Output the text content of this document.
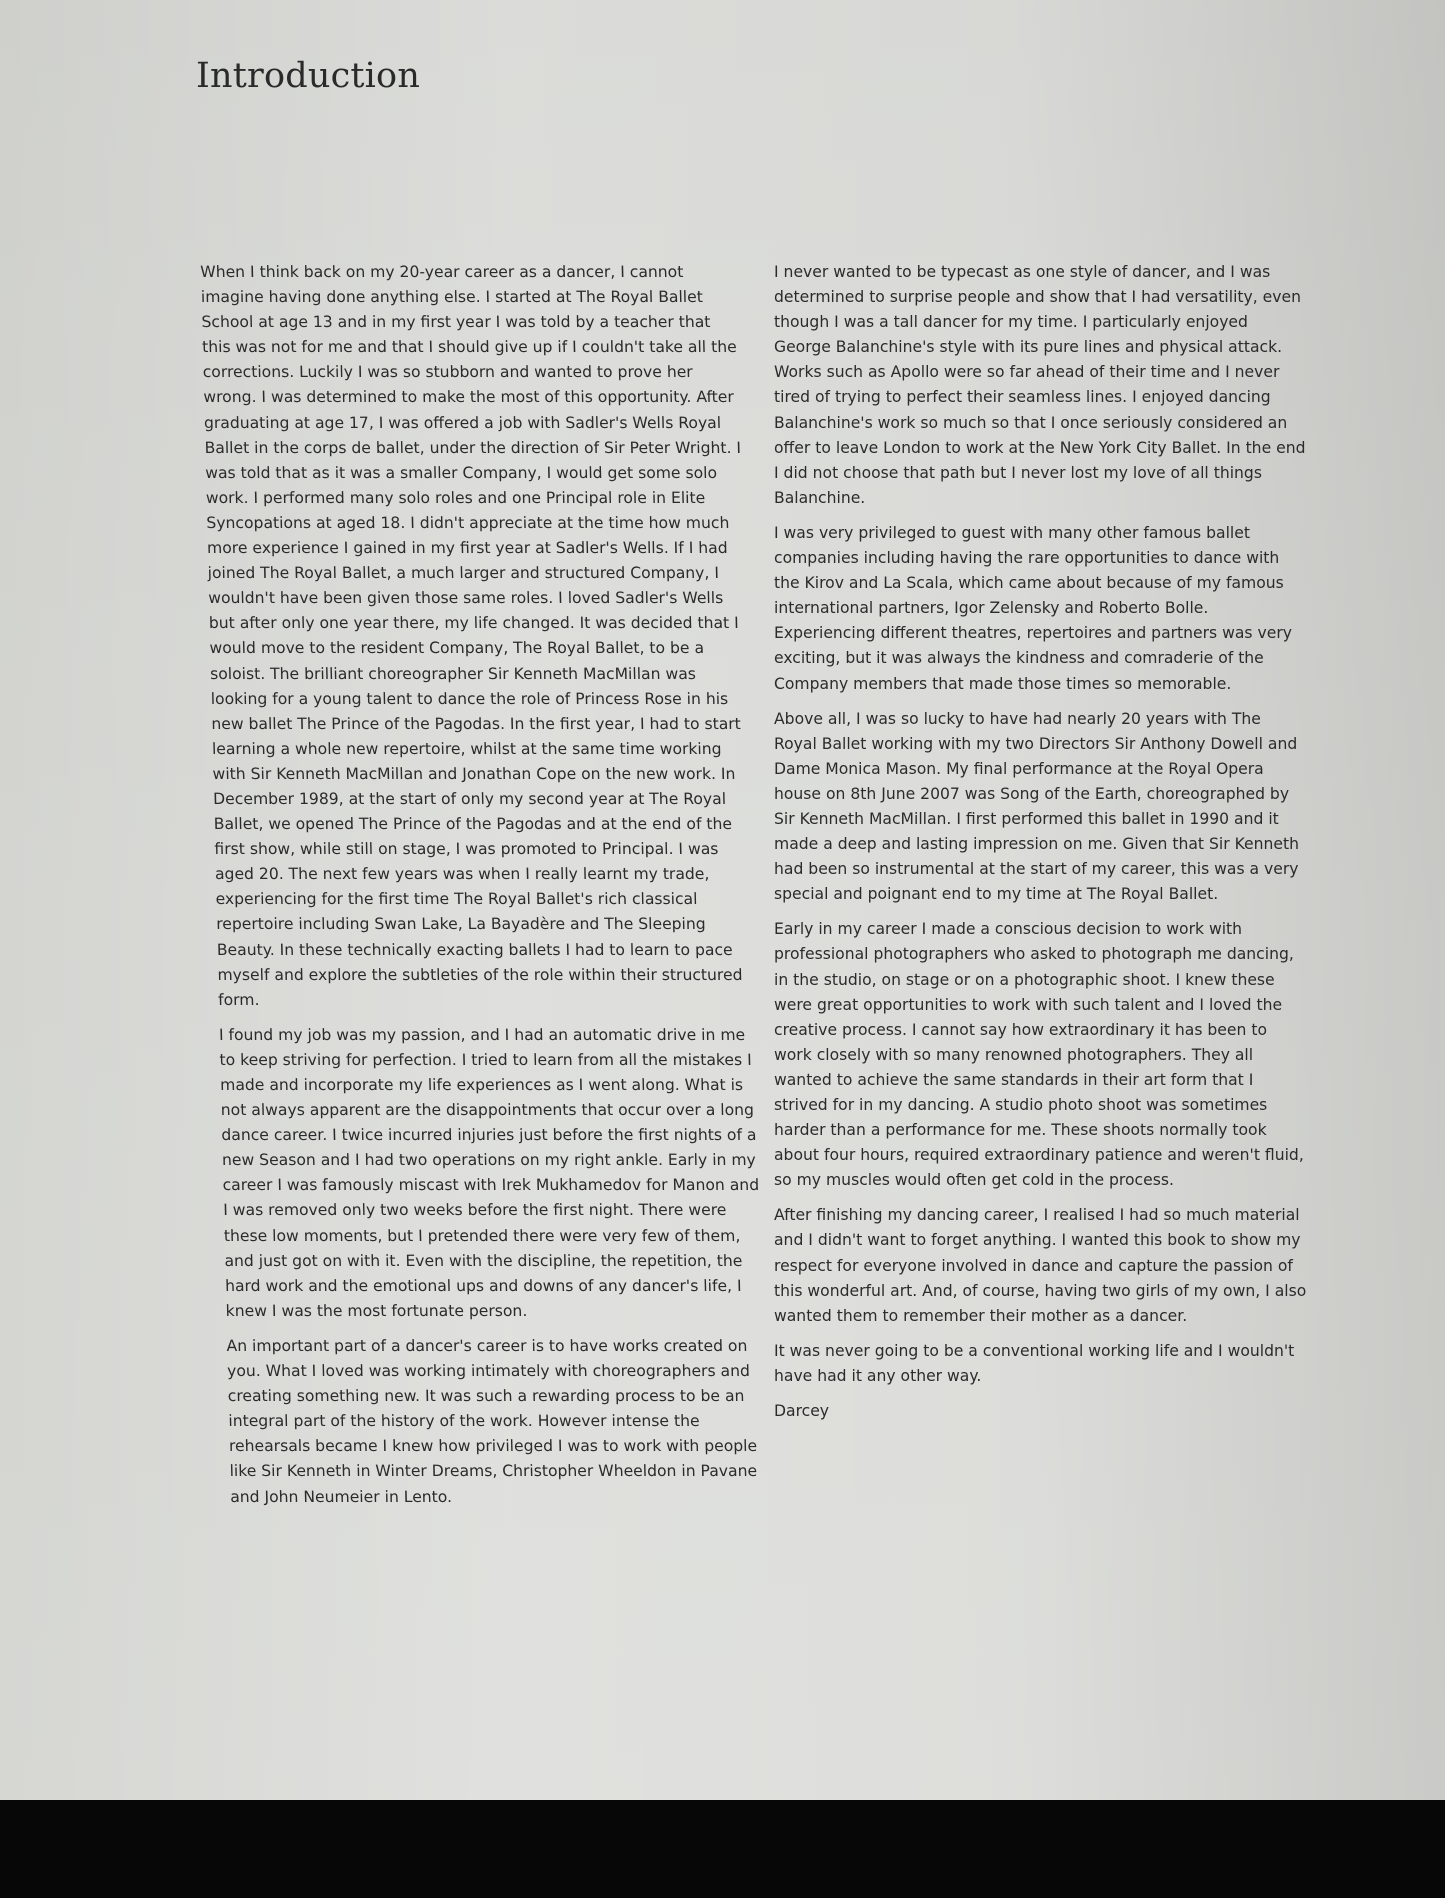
Introduction

When I think back on my 20-year career as a dancer, I cannot imagine having done anything else. I started at The Royal Ballet School at age 13 and in my first year I was told by a teacher that this was not for me and that I should give up if I couldn't take all the corrections. Luckily I was so stubborn and wanted to prove her wrong. I was determined to make the most of this opportunity. After graduating at age 17, I was offered a job with Sadler's Wells Royal Ballet in the corps de ballet, under the direction of Sir Peter Wright. I was told that as it was a smaller Company, I would get some solo work. I performed many solo roles and one Principal role in Elite Syncopations at aged 18. I didn't appreciate at the time how much more experience I gained in my first year at Sadler's Wells. If I had joined The Royal Ballet, a much larger and structured Company, I wouldn't have been given those same roles. I loved Sadler's Wells but after only one year there, my life changed. It was decided that I would move to the resident Company, The Royal Ballet, to be a soloist. The brilliant choreographer Sir Kenneth MacMillan was looking for a young talent to dance the role of Princess Rose in his new ballet The Prince of the Pagodas. In the first year, I had to start learning a whole new repertoire, whilst at the same time working with Sir Kenneth MacMillan and Jonathan Cope on the new work. In December 1989, at the start of only my second year at The Royal Ballet, we opened The Prince of the Pagodas and at the end of the first show, while still on stage, I was promoted to Principal. I was aged 20. The next few years was when I really learnt my trade, experiencing for the first time The Royal Ballet's rich classical repertoire including Swan Lake, La Bayadère and The Sleeping Beauty. In these technically exacting ballets I had to learn to pace myself and explore the subtleties of the role within their structured form.

I found my job was my passion, and I had an automatic drive in me to keep striving for perfection. I tried to learn from all the mistakes I made and incorporate my life experiences as I went along. What is not always apparent are the disappointments that occur over a long dance career. I twice incurred injuries just before the first nights of a new Season and I had two operations on my right ankle. Early in my career I was famously miscast with Irek Mukhamedov for Manon and I was removed only two weeks before the first night. There were these low moments, but I pretended there were very few of them, and just got on with it. Even with the discipline, the repetition, the hard work and the emotional ups and downs of any dancer's life, I knew I was the most fortunate person.

An important part of a dancer's career is to have works created on you. What I loved was working intimately with choreographers and creating something new. It was such a rewarding process to be an integral part of the history of the work. However intense the rehearsals became I knew how privileged I was to work with people like Sir Kenneth in Winter Dreams, Christopher Wheeldon in Pavane and John Neumeier in Lento.

I never wanted to be typecast as one style of dancer, and I was determined to surprise people and show that I had versatility, even though I was a tall dancer for my time. I particularly enjoyed George Balanchine's style with its pure lines and physical attack. Works such as Apollo were so far ahead of their time and I never tired of trying to perfect their seamless lines. I enjoyed dancing Balanchine's work so much so that I once seriously considered an offer to leave London to work at the New York City Ballet. In the end I did not choose that path but I never lost my love of all things Balanchine.

I was very privileged to guest with many other famous ballet companies including having the rare opportunities to dance with the Kirov and La Scala, which came about because of my famous international partners, Igor Zelensky and Roberto Bolle. Experiencing different theatres, repertoires and partners was very exciting, but it was always the kindness and comraderie of the Company members that made those times so memorable.

Above all, I was so lucky to have had nearly 20 years with The Royal Ballet working with my two Directors Sir Anthony Dowell and Dame Monica Mason. My final performance at the Royal Opera house on 8th June 2007 was Song of the Earth, choreographed by Sir Kenneth MacMillan. I first performed this ballet in 1990 and it made a deep and lasting impression on me. Given that Sir Kenneth had been so instrumental at the start of my career, this was a very special and poignant end to my time at The Royal Ballet.

Early in my career I made a conscious decision to work with professional photographers who asked to photograph me dancing, in the studio, on stage or on a photographic shoot. I knew these were great opportunities to work with such talent and I loved the creative process. I cannot say how extraordinary it has been to work closely with so many renowned photographers. They all wanted to achieve the same standards in their art form that I strived for in my dancing. A studio photo shoot was sometimes harder than a performance for me. These shoots normally took about four hours, required extraordinary patience and weren't fluid, so my muscles would often get cold in the process.

After finishing my dancing career, I realised I had so much material and I didn't want to forget anything. I wanted this book to show my respect for everyone involved in dance and capture the passion of this wonderful art. And, of course, having two girls of my own, I also wanted them to remember their mother as a dancer.

It was never going to be a conventional working life and I wouldn't have had it any other way.

Darcey
